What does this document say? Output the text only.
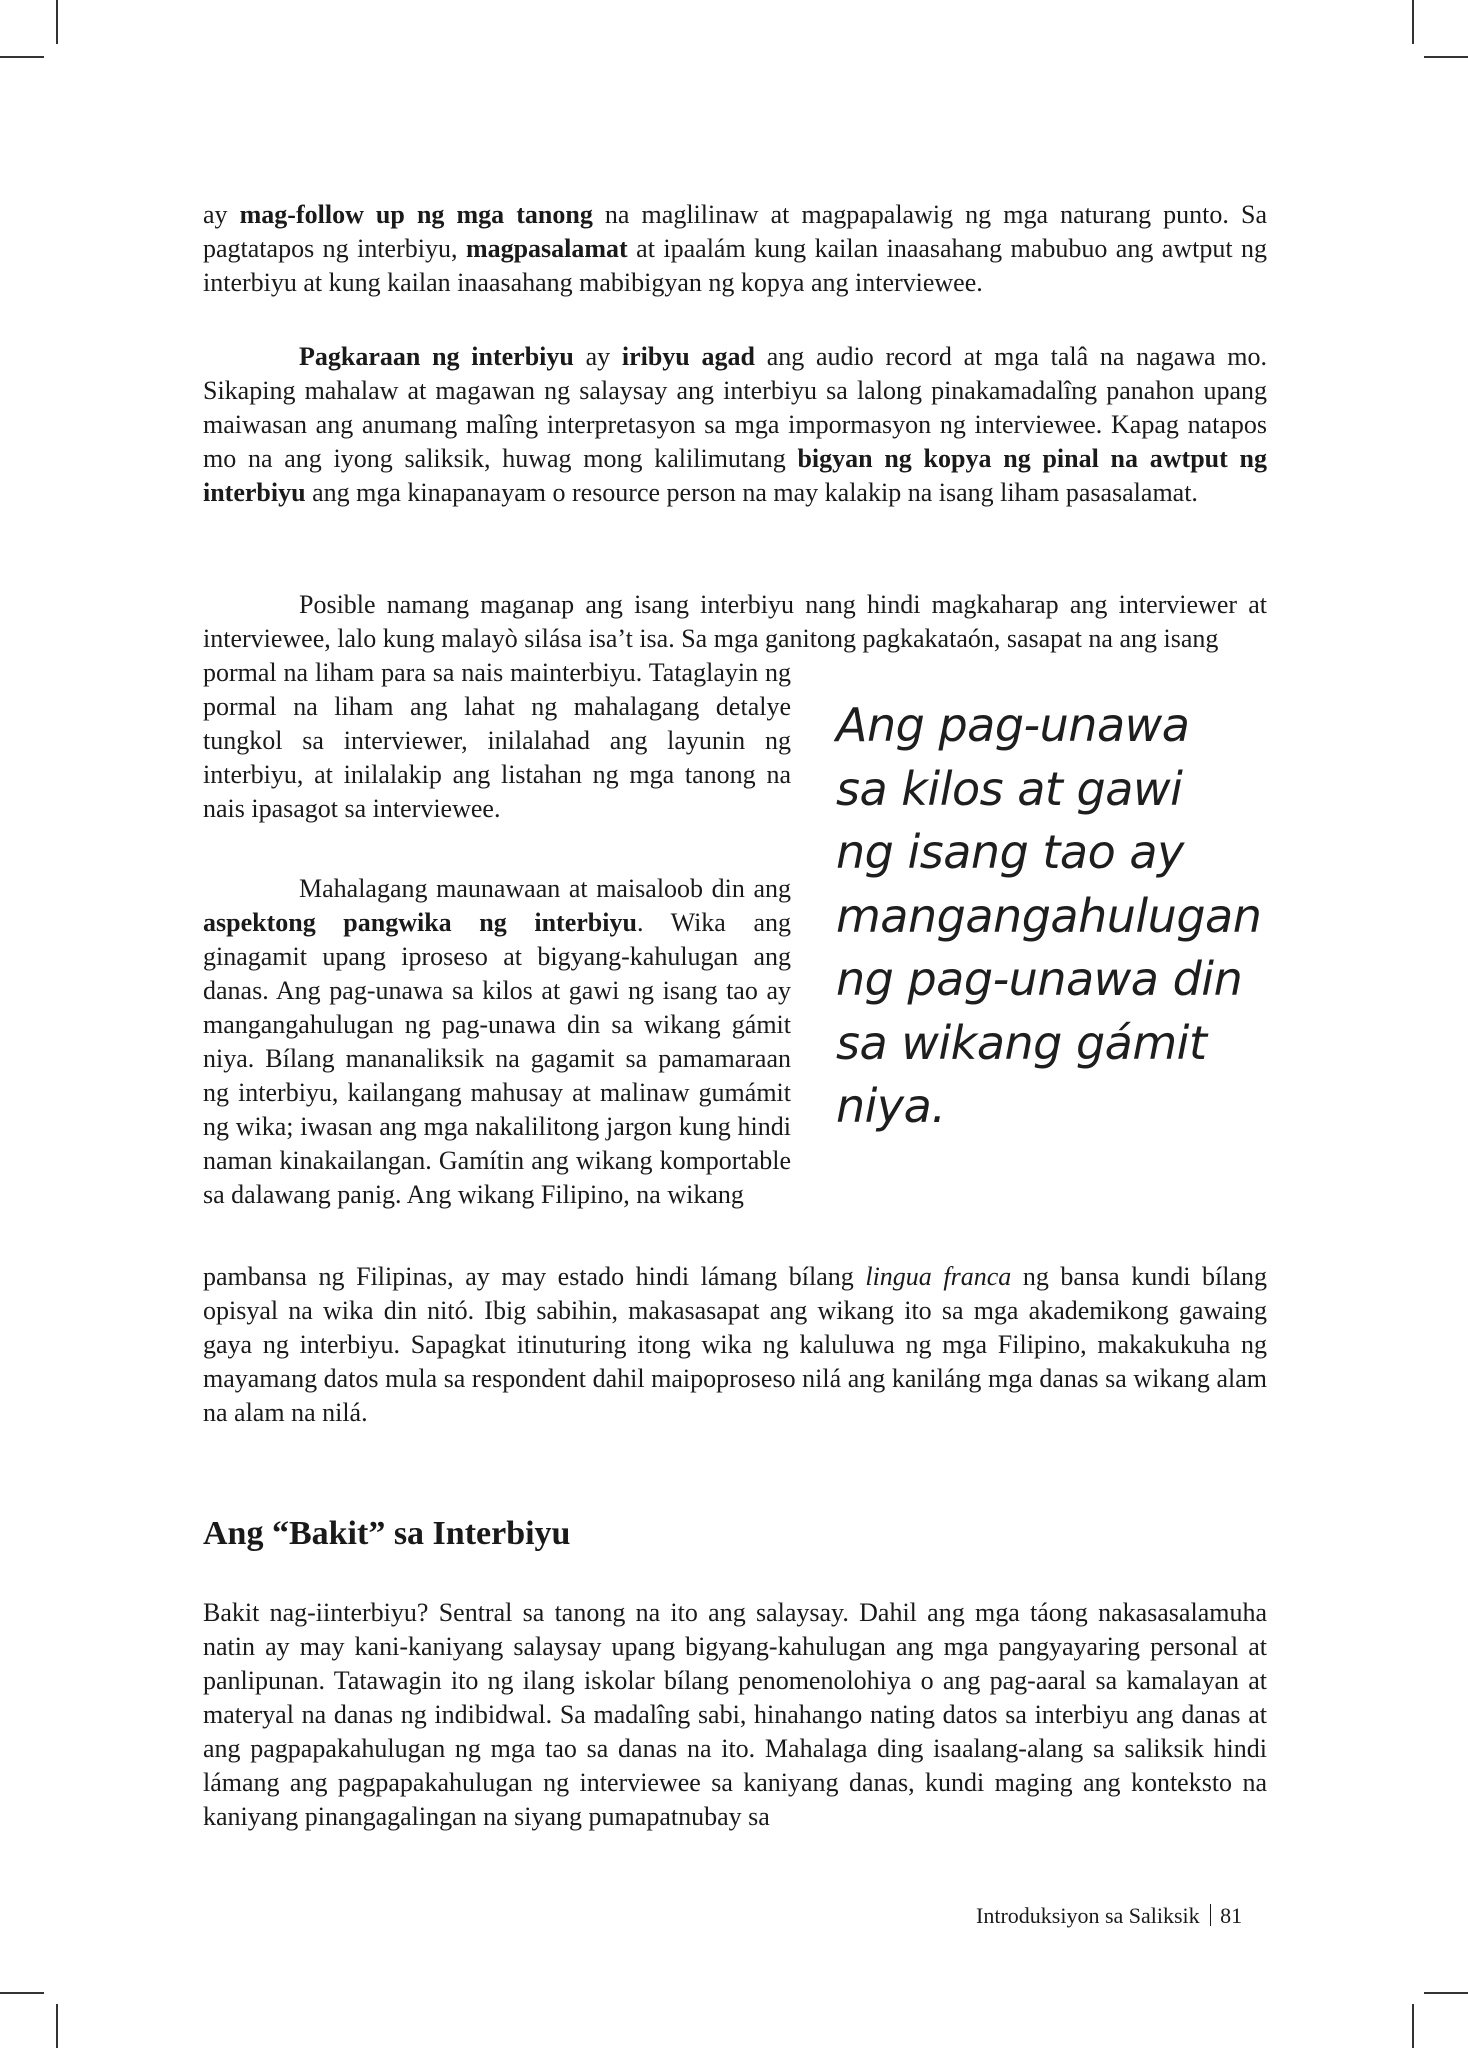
ay mag-follow up ng mga tanong na maglilinaw at magpapalawig ng mga naturang punto. Sa pagtatapos ng interbiyu, magpasalamat at ipaalám kung kailan inaasahang mabubuo ang awtput ng interbiyu at kung kailan inaasahang mabibigyan ng kopya ang interviewee.

Pagkaraan ng interbiyu ay iribyu agad ang audio record at mga talâ na nagawa mo. Sikaping mahalaw at magawan ng salaysay ang interbiyu sa lalong pinakamadalîng panahon upang maiwasan ang anumang malîng interpretasyon sa mga impormasyon ng interviewee. Kapag natapos mo na ang iyong saliksik, huwag mong kalilimutang bigyan ng kopya ng pinal na awtput ng interbiyu ang mga kinapanayam o resource person na may kalakip na isang liham pasasalamat.

Posible namang maganap ang isang interbiyu nang hindi magkaharap ang interviewer at interviewee, lalo kung malayò silása isa’t isa. Sa mga ganitong pagkakataón, sasapat na ang isang

pormal na liham para sa nais mainterbiyu. Tataglayin ng pormal na liham ang lahat ng mahalagang detalye tungkol sa interviewer, inilalahad ang layunin ng interbiyu, at inilalakip ang listahan ng mga tanong na nais ipasagot sa interviewee.

Mahalagang maunawaan at maisaloob din ang aspektong pangwika ng interbiyu. Wika ang ginagamit upang iproseso at bigyang-kahulugan ang danas. Ang pag-unawa sa kilos at gawi ng isang tao ay mangangahulugan ng pag-unawa din sa wikang gámit niya. Bílang mananaliksik na gagamit sa pamamaraan ng interbiyu, kailangang mahusay at malinaw gumámit ng wika; iwasan ang mga nakalilitong jargon kung hindi naman kinakailangan. Gamítin ang wikang komportable sa dalawang panig. Ang wikang Filipino, na wikang

pambansa ng Filipinas, ay may estado hindi lámang bílang lingua franca ng bansa kundi bílang opisyal na wika din nitó. Ibig sabihin, makasasapat ang wikang ito sa mga akademikong gawaing gaya ng interbiyu. Sapagkat itinuturing itong wika ng kaluluwa ng mga Filipino, makakukuha ng mayamang datos mula sa respondent dahil maipoproseso nilá ang kaniláng mga danas sa wikang alam na alam na nilá.

Ang pag-unawa
sa kilos at gawi
ng isang tao ay
mangangahulugan
ng pag-unawa din
sa wikang gámit
niya.
Ang “Bakit” sa Interbiyu

Bakit nag-iinterbiyu? Sentral sa tanong na ito ang salaysay. Dahil ang mga táong nakasasalamuha natin ay may kani-kaniyang salaysay upang bigyang-kahulugan ang mga pangyayaring personal at panlipunan. Tatawagin ito ng ilang iskolar bílang penomenolohiya o ang pag-aaral sa kamalayan at materyal na danas ng indibidwal. Sa madalîng sabi, hinahango nating datos sa interbiyu ang danas at ang pagpapakahulugan ng mga tao sa danas na ito. Mahalaga ding isaalang-alang sa saliksik hindi lámang ang pagpapakahulugan ng interviewee sa kaniyang danas, kundi maging ang konteksto na kaniyang pinangagalingan na siyang pumapatnubay sa

Introduksiyon sa Saliksik 81
